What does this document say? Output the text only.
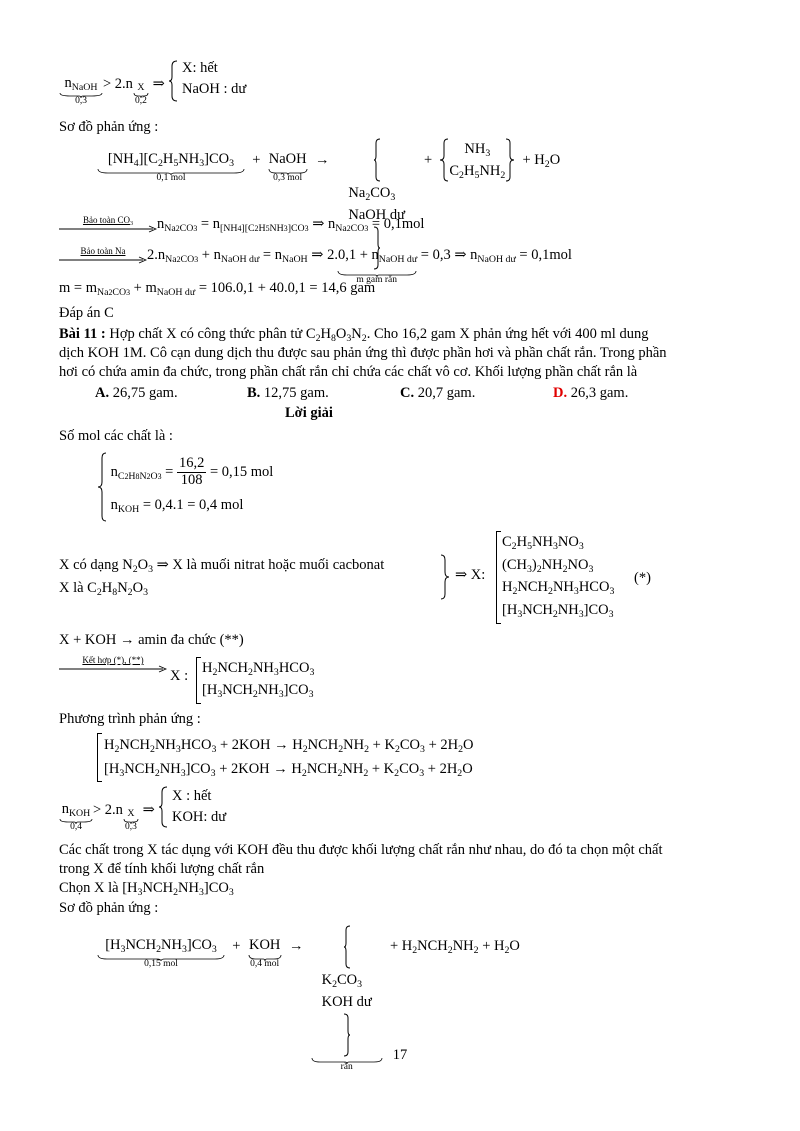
$n_{NaOH}$
0,3
> 2.n $_X$
0,2
⇒
X: hết
NaOH : dư
Sơ đồ phản ứng :
$[NH_4][C_2H_5NH_3]CO_3$
0,1 mol
+ NaOH
0,3 mol
→
$Na_2CO_3$
NaOH dư
m gam rắn
+
$NH_3$
$C_2H_5NH_2$
+ $H_2O$
Bảo toàn $CO_3$	$n_{Na2CO3} = n_{[NH4][C2H5NH3]CO3}$ ⇒ $n_{Na2CO3} = 0,1mol$
Bảo toàn Na	$2.n_{Na2CO3} + n_{NaOH dư} = n_{NaOH}$ ⇒ $2.0,1 + n_{NaOH dư} = 0,3$ ⇒ $n_{NaOH dư} = 0,1mol$
$m = m_{Na2CO3} + m_{NaOH dư} = 106.0,1 + 40.0,1 = 14,6$ gam
Đáp án C
Bài 11 : Hợp chất X có công thức phân tử $C_2H_8O_3N_2$. Cho 16,2 gam X phản ứng hết với 400 ml dung
dịch KOH 1M. Cô cạn dung dịch thu được sau phản ứng thì được phần hơi và phần chất rắn. Trong phần
hơi có chứa amin đa chức, trong phần chất rắn chỉ chứa các chất vô cơ. Khối lượng phần chất rắn là
A. 26,75 gam.	B. 12,75 gam.	C. 20,7 gam.	D. 26,3 gam.
Lời giải
Số mol các chất là :

$n_{C2H8N2O3} = \frac{16,2}{108} = 0,15$ mol
$n_{KOH} = 0,4.1 = 0,4$ mol
X có dạng $N_2O_3$ ⇒ X là muối nitrat hoặc muối cacbonat
X là $C_2H_8N_2O_3$
⇒ X:
$C_2H_5NH_3NO_3$
$(CH_3)_2NH_2NO_3$
$H_2NCH_2NH_3HCO_3$
$[H_3NCH_2NH_3]CO_3$
(*)
X + KOH → amin đa chức (**)
Kết hợp (*), (**)
X : $H_2NCH_2NH_3HCO_3$
$[H_3NCH_2NH_3]CO_3$
Phương trình phản ứng :
$H_2NCH_2NH_3HCO_3 + 2KOH \to H_2NCH_2NH_2 + K_2CO_3 + 2H_2O$
$[H_3NCH_2NH_3]CO_3 + 2KOH \to H_2NCH_2NH_2 + K_2CO_3 + 2H_2O$
$n_{KOH}$
0,4
> 2.n $_X$
0,3
⇒
X : hết
KOH: dư
Các chất trong X tác dụng với KOH đều thu được khối lượng chất rắn như nhau, do đó ta chọn một chất
trong X để tính khối lượng chất rắn
Chọn X là $[H_3NCH_2NH_3]CO_3$
Sơ đồ phản ứng :
$[H_3NCH_2NH_3]CO_3$
0,15 mol
+ KOH
0,4 mol
→
$K_2CO_3$
KOH dư
rắn
+ $H_2NCH_2NH_2 + H_2O$
17
